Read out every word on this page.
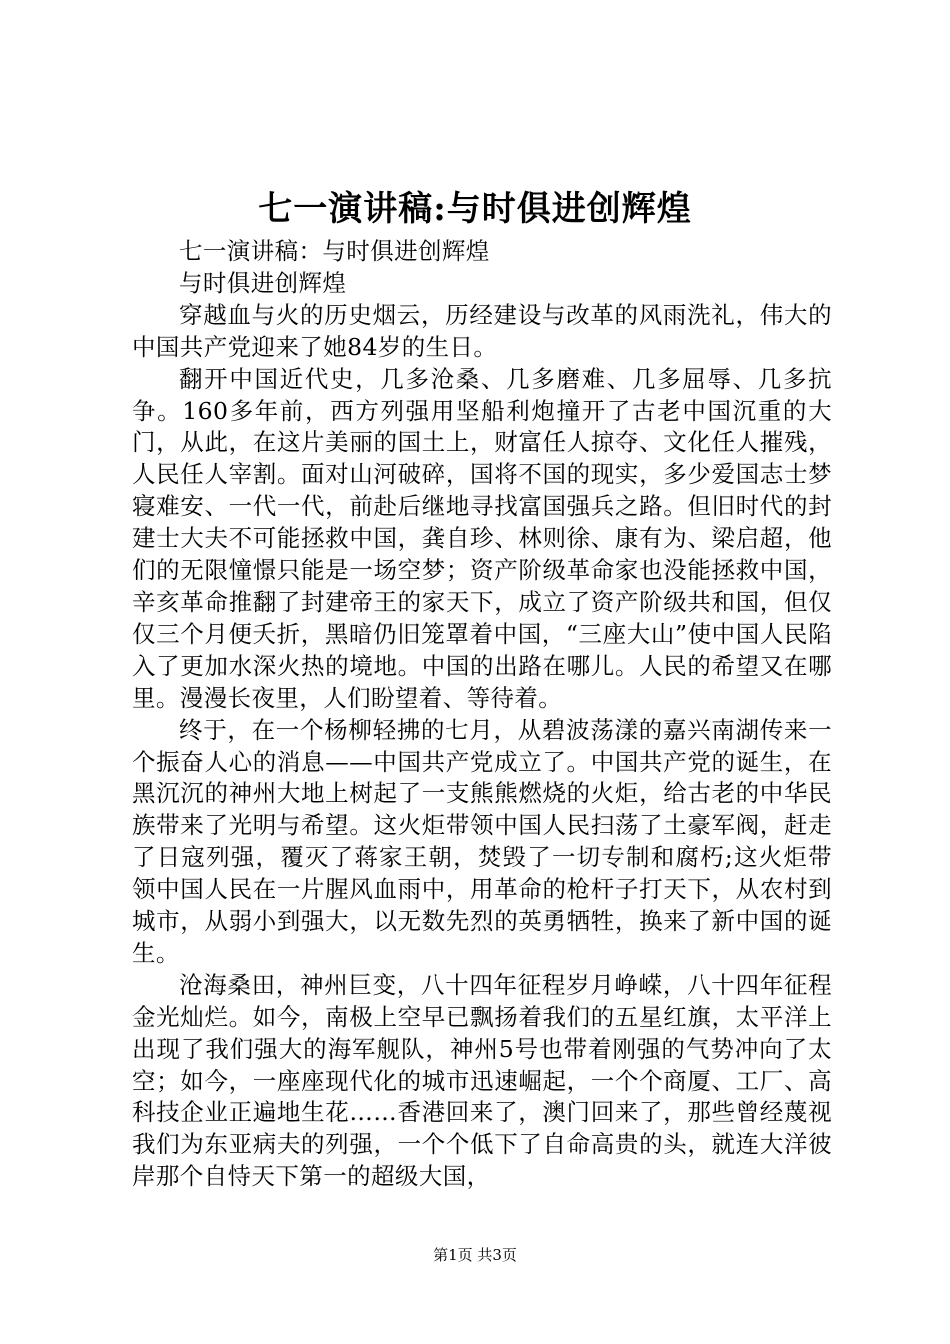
七一演讲稿:与时俱进创辉煌

七一演讲稿：与时俱进创辉煌

与时俱进创辉煌

穿越血与火的历史烟云，历经建设与改革的风雨洗礼，伟大的中国共产党迎来了她84岁的生日。

翻开中国近代史，几多沧桑、几多磨难、几多屈辱、几多抗争。160多年前，西方列强用坚船利炮撞开了古老中国沉重的大门，从此，在这片美丽的国土上，财富任人掠夺、文化任人摧残，人民任人宰割。面对山河破碎，国将不国的现实，多少爱国志士梦寝难安、一代一代，前赴后继地寻找富国强兵之路。但旧时代的封建士大夫不可能拯救中国，龚自珍、林则徐、康有为、梁启超，他们的无限憧憬只能是一场空梦；资产阶级革命家也没能拯救中国，辛亥革命推翻了封建帝王的家天下，成立了资产阶级共和国，但仅仅三个月便夭折，黑暗仍旧笼罩着中国，“三座大山”使中国人民陷入了更加水深火热的境地。中国的出路在哪儿。人民的希望又在哪里。漫漫长夜里，人们盼望着、等待着。

终于，在一个杨柳轻拂的七月，从碧波荡漾的嘉兴南湖传来一个振奋人心的消息——中国共产党成立了。中国共产党的诞生，在黑沉沉的神州大地上树起了一支熊熊燃烧的火炬，给古老的中华民族带来了光明与希望。这火炬带领中国人民扫荡了土豪军阀，赶走了日寇列强，覆灭了蒋家王朝，焚毁了一切专制和腐朽;这火炬带领中国人民在一片腥风血雨中，用革命的枪杆子打天下，从农村到城市，从弱小到强大，以无数先烈的英勇牺牲，换来了新中国的诞生。

沧海桑田，神州巨变，八十四年征程岁月峥嵘，八十四年征程金光灿烂。如今，南极上空早已飘扬着我们的五星红旗，太平洋上出现了我们强大的海军舰队，神州5号也带着刚强的气势冲向了太空；如今，一座座现代化的城市迅速崛起，一个个商厦、工厂、高科技企业正遍地生花……香港回来了，澳门回来了，那些曾经蔑视我们为东亚病夫的列强，一个个低下了自命高贵的头，就连大洋彼岸那个自恃天下第一的超级大国，

第1页 共3页
